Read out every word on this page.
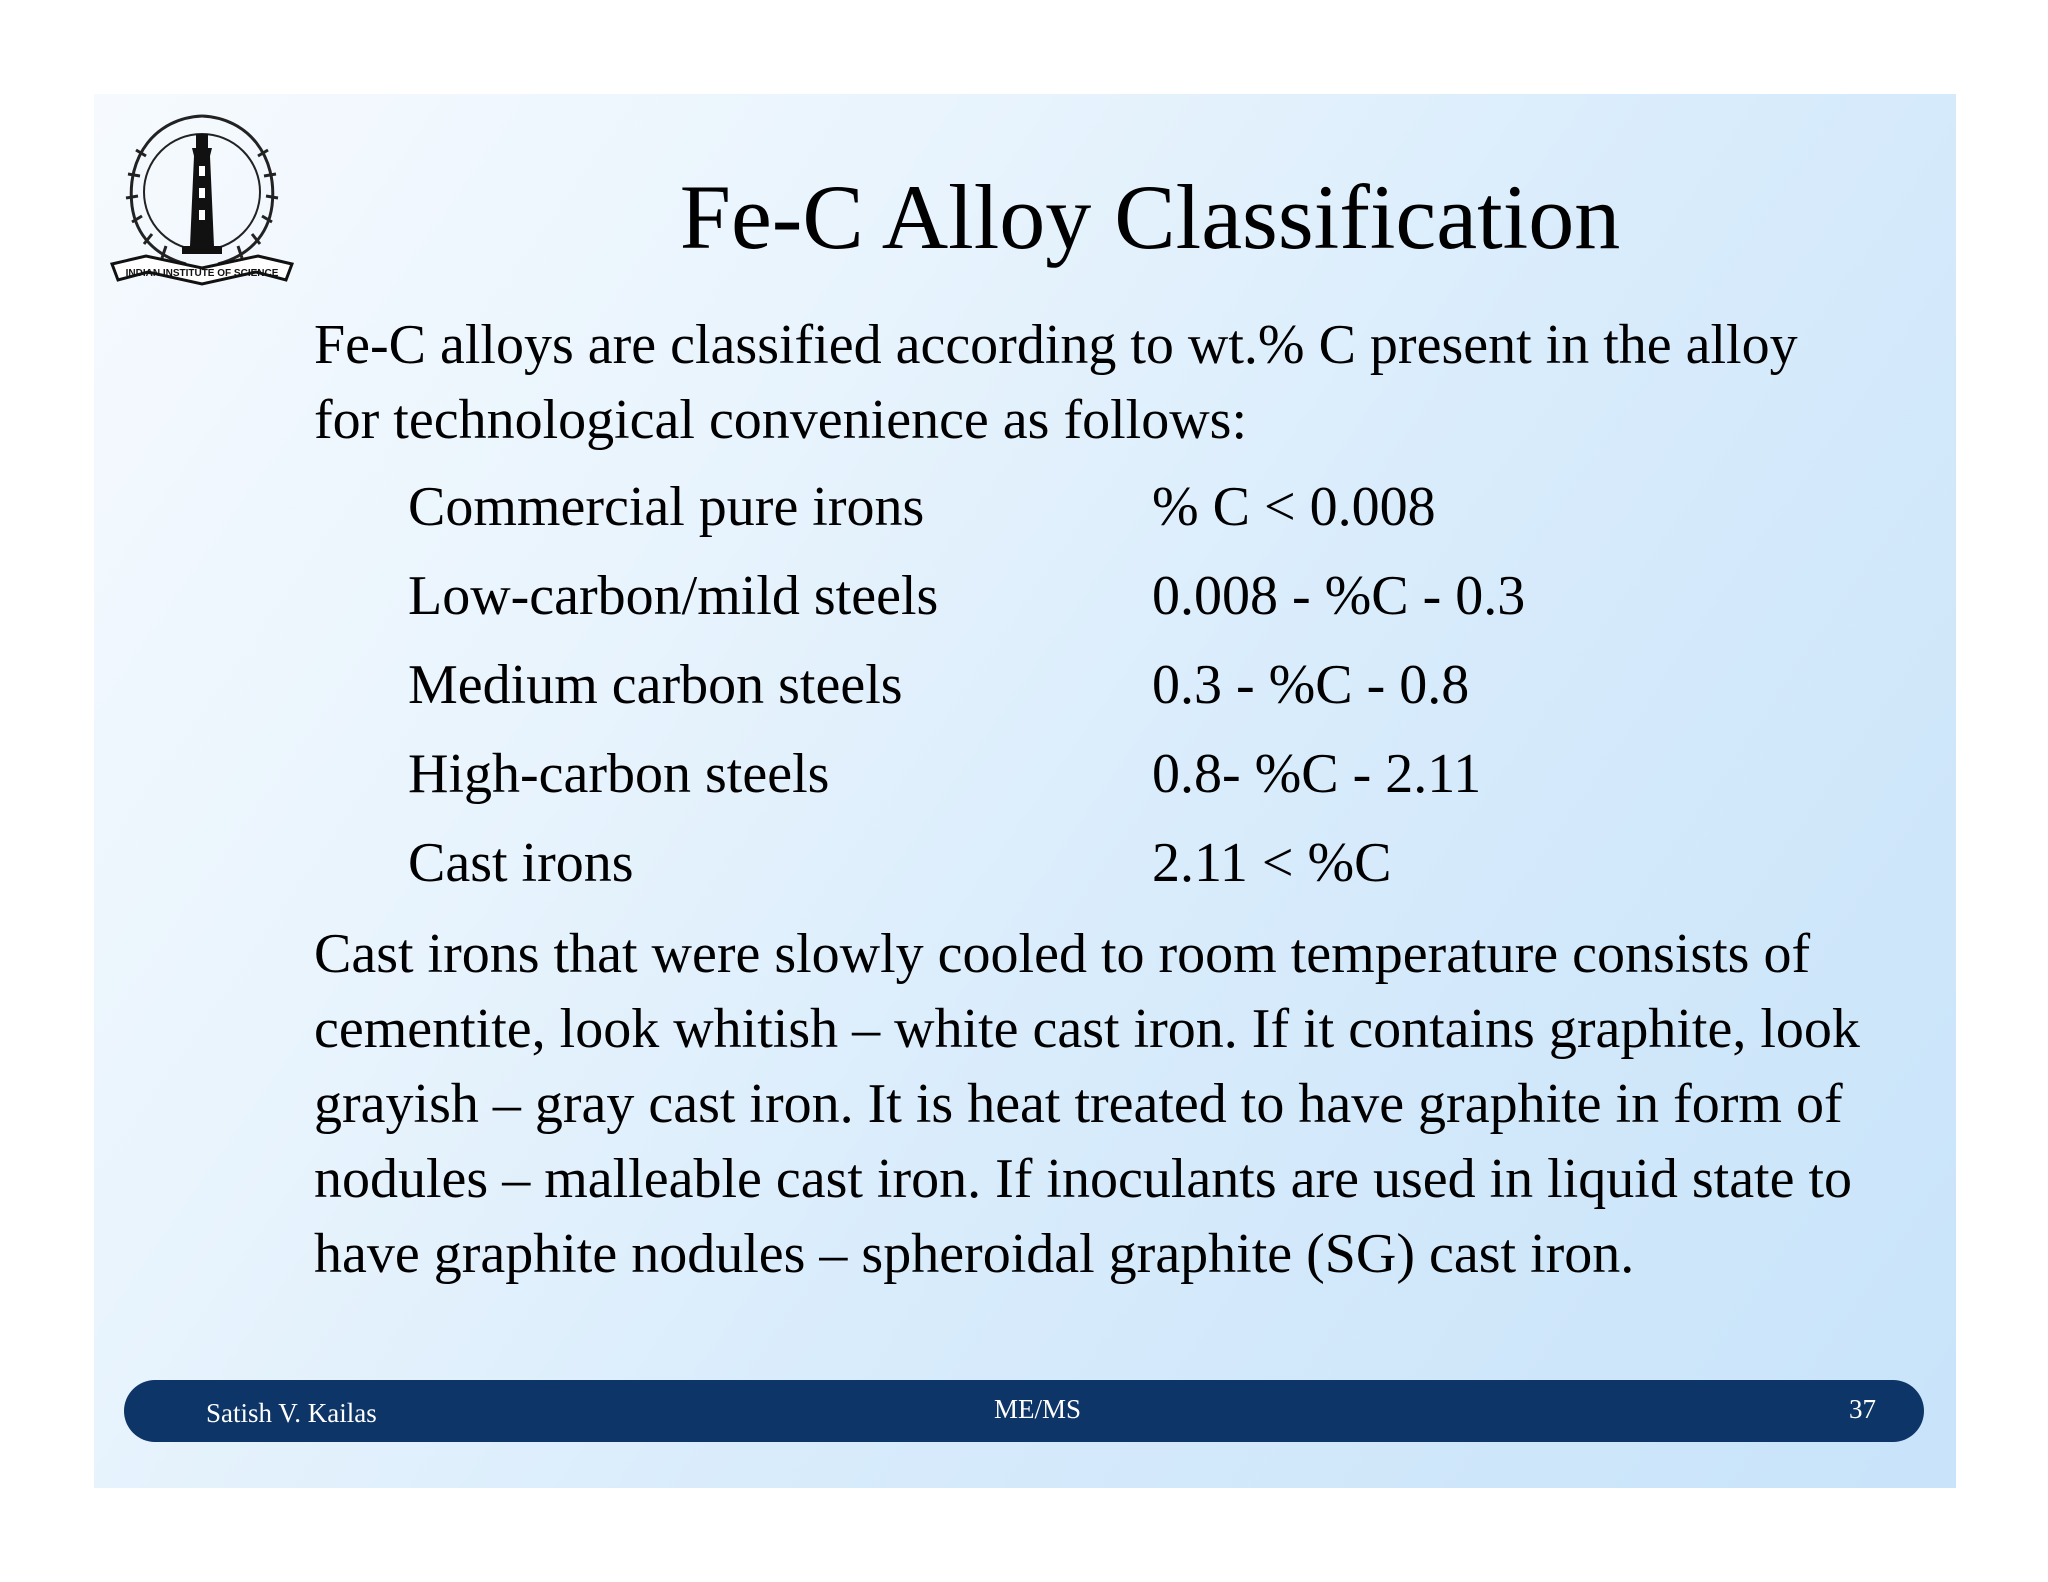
INDIAN INSTITUTE OF SCIENCE
Fe-C Alloy Classification
Fe-C alloys are classified according to wt.% C present in the alloy for technological convenience as follows:
Commercial pure irons	% C < 0.008
Low-carbon/mild steels	0.008 - %C - 0.3
Medium carbon steels	0.3 - %C - 0.8
High-carbon steels	0.8- %C - 2.11
Cast irons	2.11 < %C
Cast irons that were slowly cooled to room temperature consists of cementite, look whitish – white cast iron. If it contains graphite, look grayish – gray cast iron. It is heat treated to have graphite in form of nodules – malleable cast iron. If inoculants are used in liquid state to have graphite nodules – spheroidal graphite (SG) cast iron.
Satish V. Kailas	ME/MS	37
